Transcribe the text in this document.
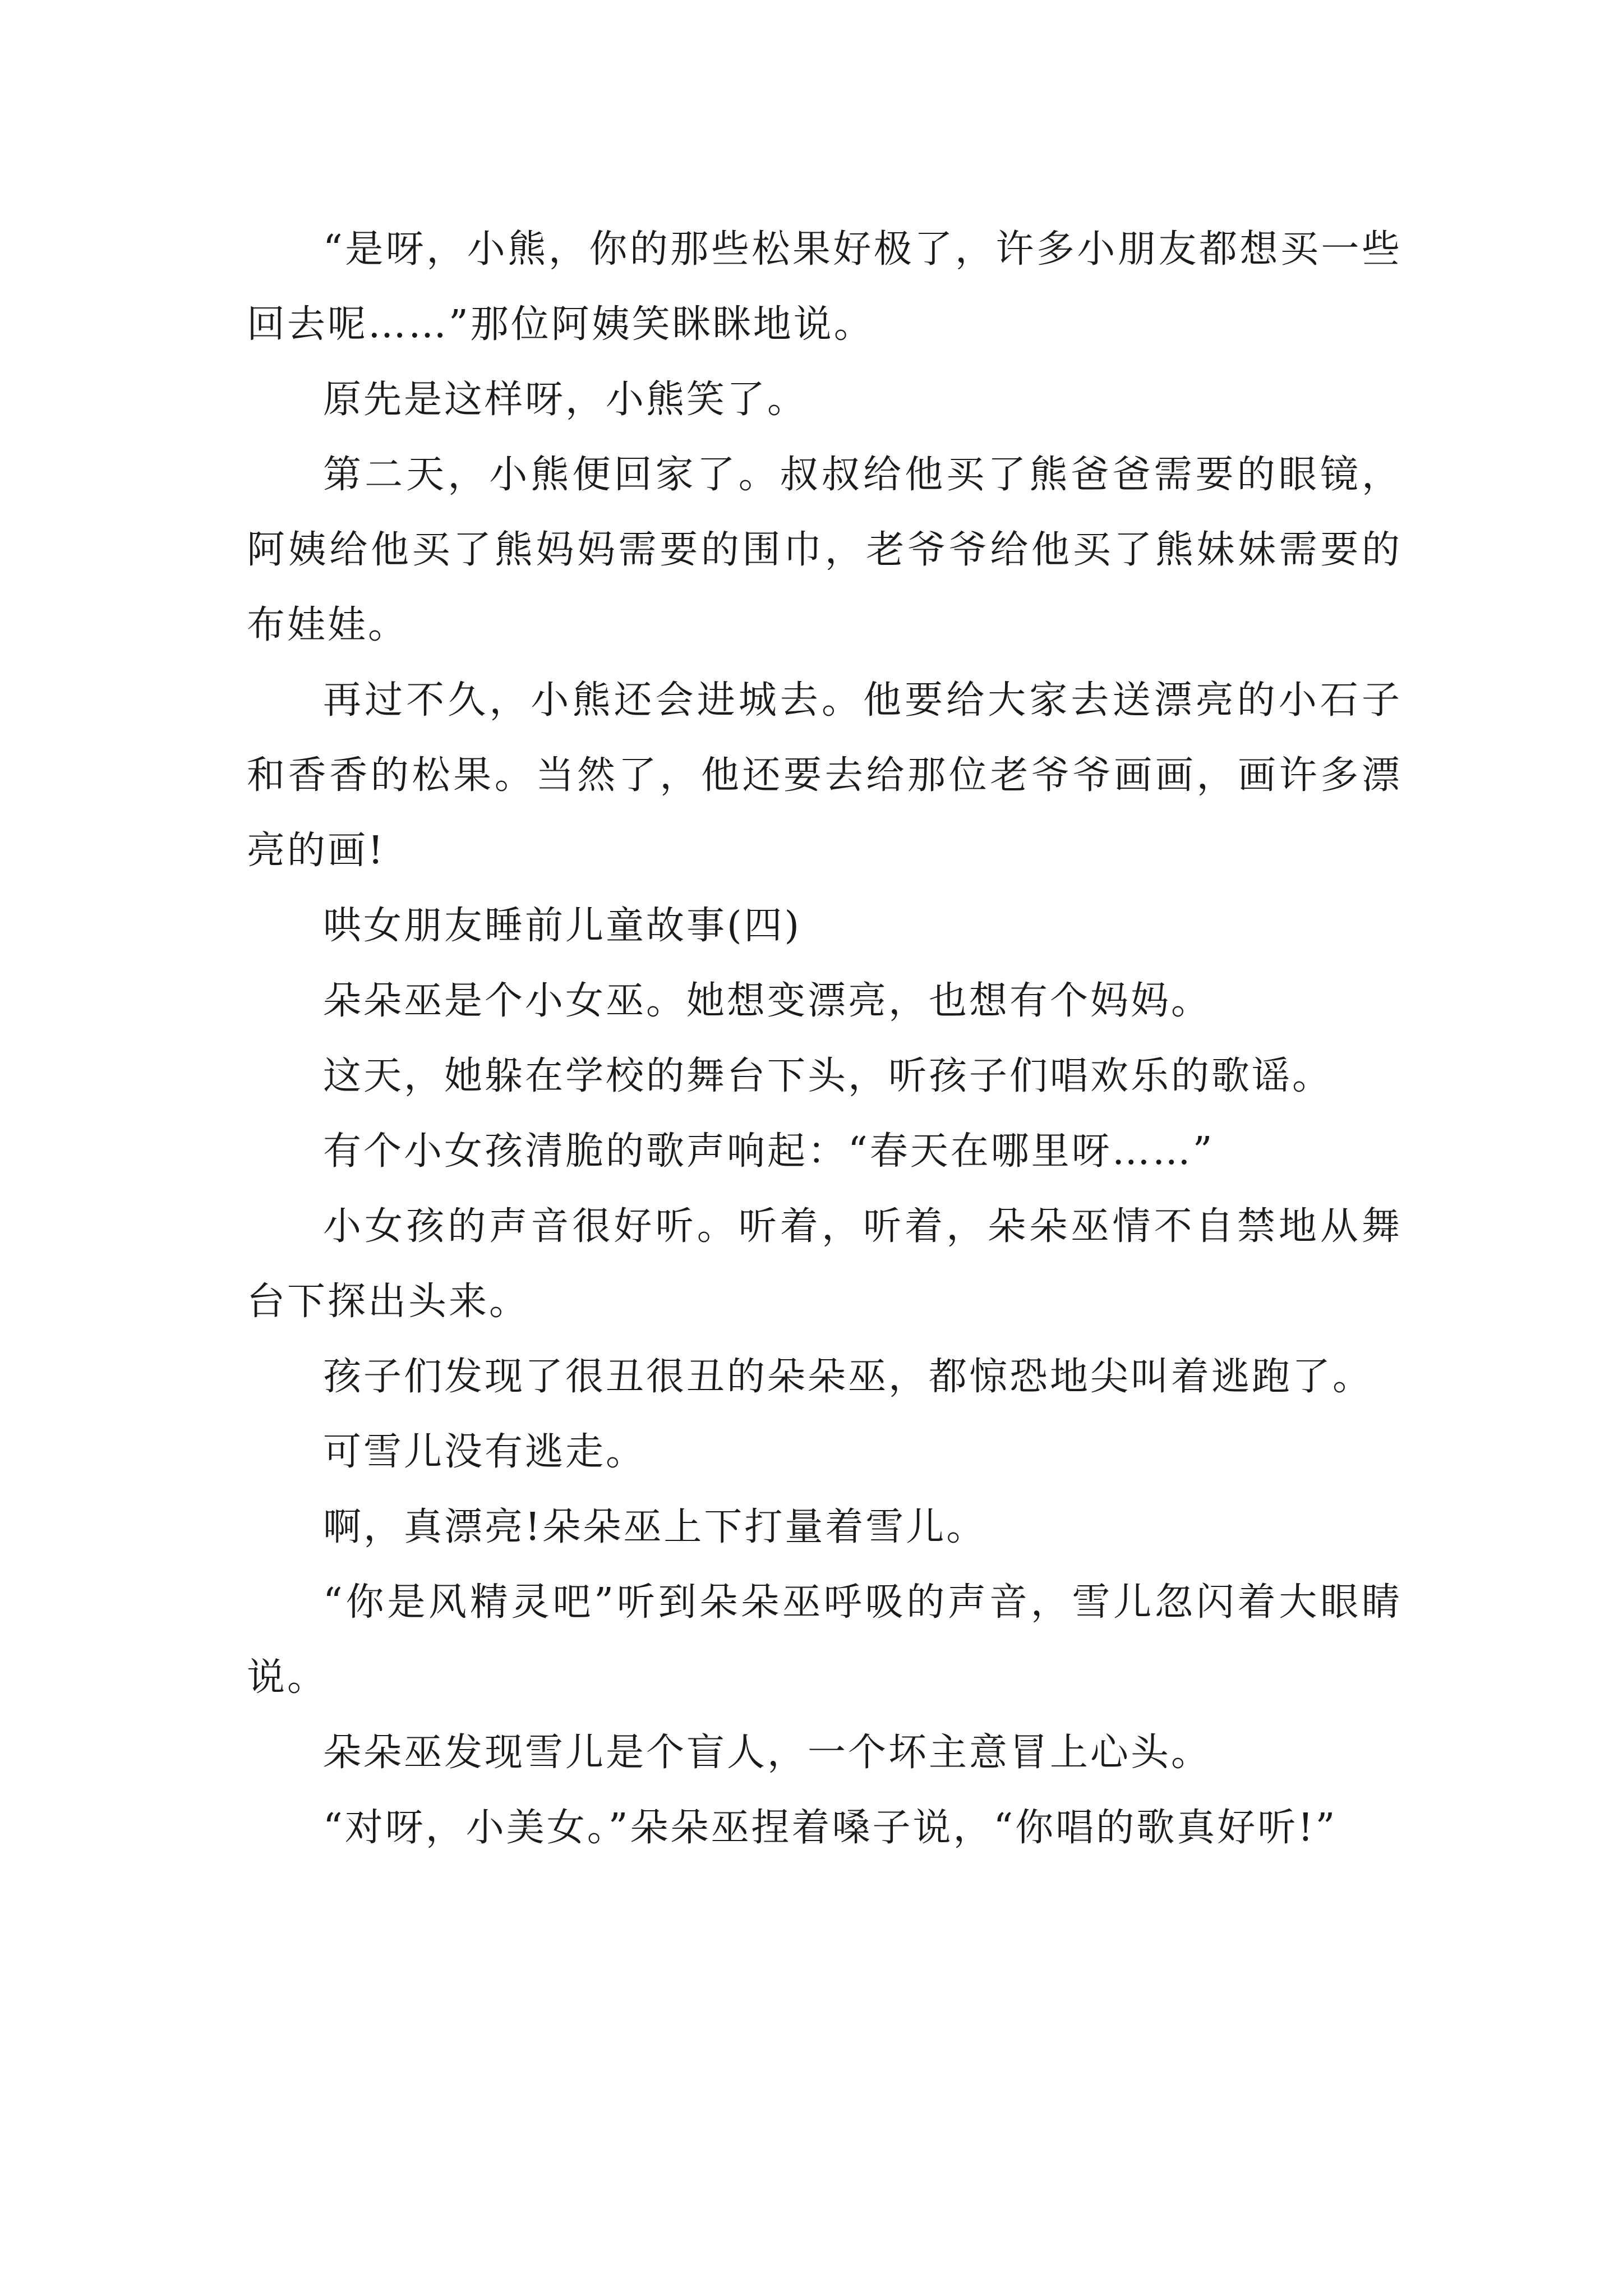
“是呀，小熊，你的那些松果好极了，许多小朋友都想买一些回去呢……”那位阿姨笑眯眯地说。

原先是这样呀，小熊笑了。

第二天，小熊便回家了。叔叔给他买了熊爸爸需要的眼镜，阿姨给他买了熊妈妈需要的围巾，老爷爷给他买了熊妹妹需要的布娃娃。

再过不久，小熊还会进城去。他要给大家去送漂亮的小石子和香香的松果。当然了，他还要去给那位老爷爷画画，画许多漂亮的画!

哄女朋友睡前儿童故事(四)

朵朵巫是个小女巫。她想变漂亮，也想有个妈妈。

这天，她躲在学校的舞台下头，听孩子们唱欢乐的歌谣。

有个小女孩清脆的歌声响起：“春天在哪里呀……”

小女孩的声音很好听。听着，听着，朵朵巫情不自禁地从舞台下探出头来。

孩子们发现了很丑很丑的朵朵巫，都惊恐地尖叫着逃跑了。

可雪儿没有逃走。

啊，真漂亮!朵朵巫上下打量着雪儿。

“你是风精灵吧”听到朵朵巫呼吸的声音，雪儿忽闪着大眼睛说。

朵朵巫发现雪儿是个盲人，一个坏主意冒上心头。

“对呀，小美女。”朵朵巫捏着嗓子说，“你唱的歌真好听!”
